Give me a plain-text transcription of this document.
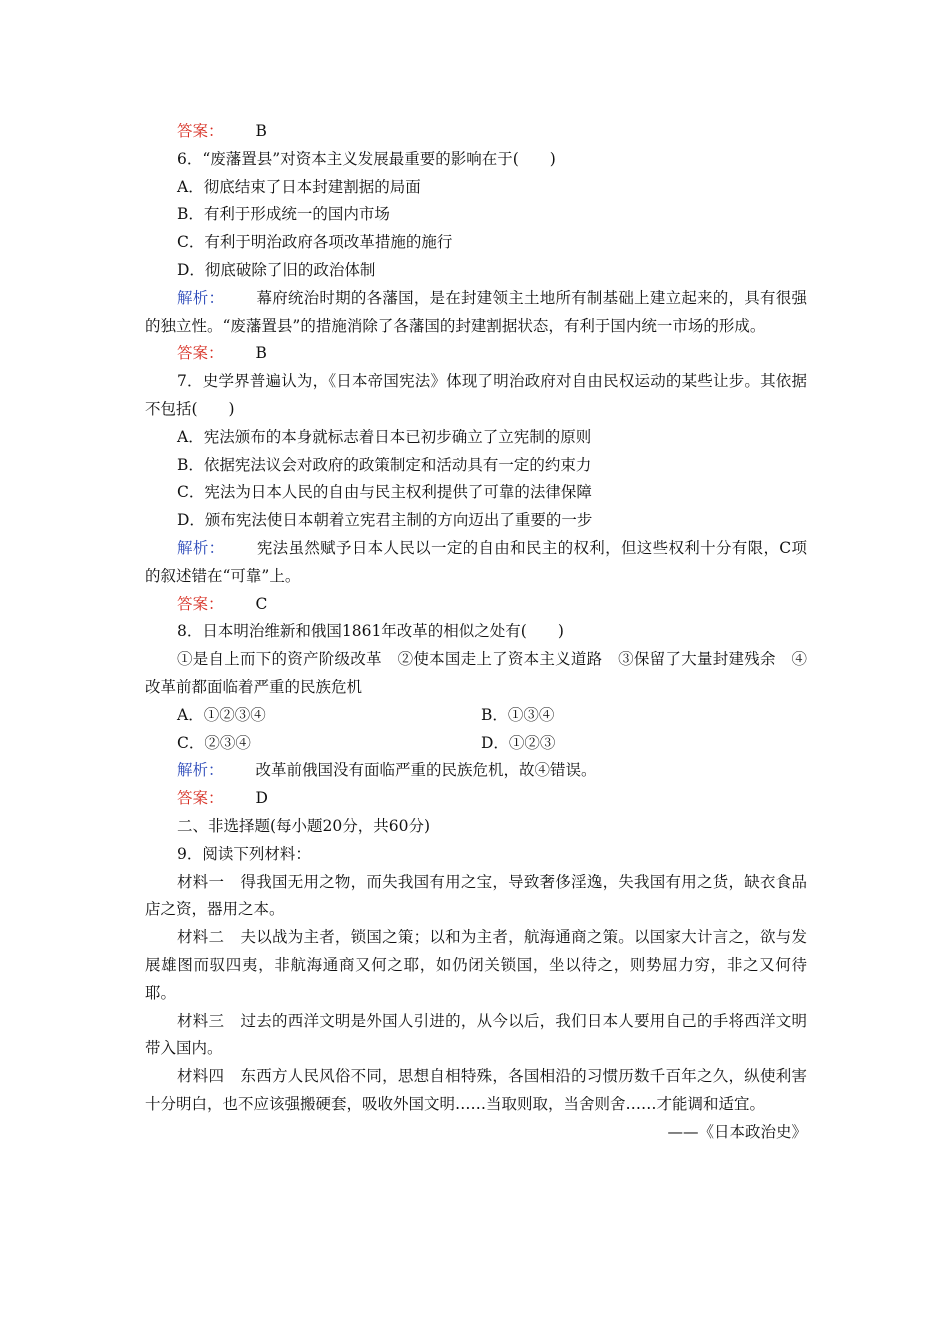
答案： B
6．“废藩置县”对资本主义发展最重要的影响在于(　　)
A．彻底结束了日本封建割据的局面
B．有利于形成统一的国内市场
C．有利于明治政府各项改革措施的施行
D．彻底破除了旧的政治体制
解析： 幕府统治时期的各藩国，是在封建领主土地所有制基础上建立起来的，具有很强的独立性。“废藩置县”的措施消除了各藩国的封建割据状态，有利于国内统一市场的形成。
答案： B
7．史学界普遍认为，《日本帝国宪法》体现了明治政府对自由民权运动的某些让步。其依据不包括(　　)
A．宪法颁布的本身就标志着日本已初步确立了立宪制的原则
B．依据宪法议会对政府的政策制定和活动具有一定的约束力
C．宪法为日本人民的自由与民主权利提供了可靠的法律保障
D．颁布宪法使日本朝着立宪君主制的方向迈出了重要的一步
解析： 宪法虽然赋予日本人民以一定的自由和民主的权利，但这些权利十分有限，C项的叙述错在“可靠”上。
答案： C
8．日本明治维新和俄国1861年改革的相似之处有(　　)
①是自上而下的资产阶级改革　②使本国走上了资本主义道路　③保留了大量封建残余　④改革前都面临着严重的民族危机
A．①②③④	B．①③④
C．②③④	D．①②③
解析： 改革前俄国没有面临严重的民族危机，故④错误。
答案： D
二、非选择题(每小题20分，共60分)
9．阅读下列材料：
材料一 得我国无用之物，而失我国有用之宝，导致奢侈淫逸，失我国有用之货，缺衣食品店之资，器用之本。
材料二 夫以战为主者，锁国之策；以和为主者，航海通商之策。以国家大计言之，欲与发展雄图而驭四夷，非航海通商又何之耶，如仍闭关锁国，坐以待之，则势屈力穷，非之又何待耶。
材料三 过去的西洋文明是外国人引进的，从今以后，我们日本人要用自己的手将西洋文明带入国内。
材料四 东西方人民风俗不同，思想自相特殊，各国相沿的习惯历数千百年之久，纵使利害十分明白，也不应该强搬硬套，吸收外国文明……当取则取，当舍则舍……才能调和适宜。
——《日本政治史》
